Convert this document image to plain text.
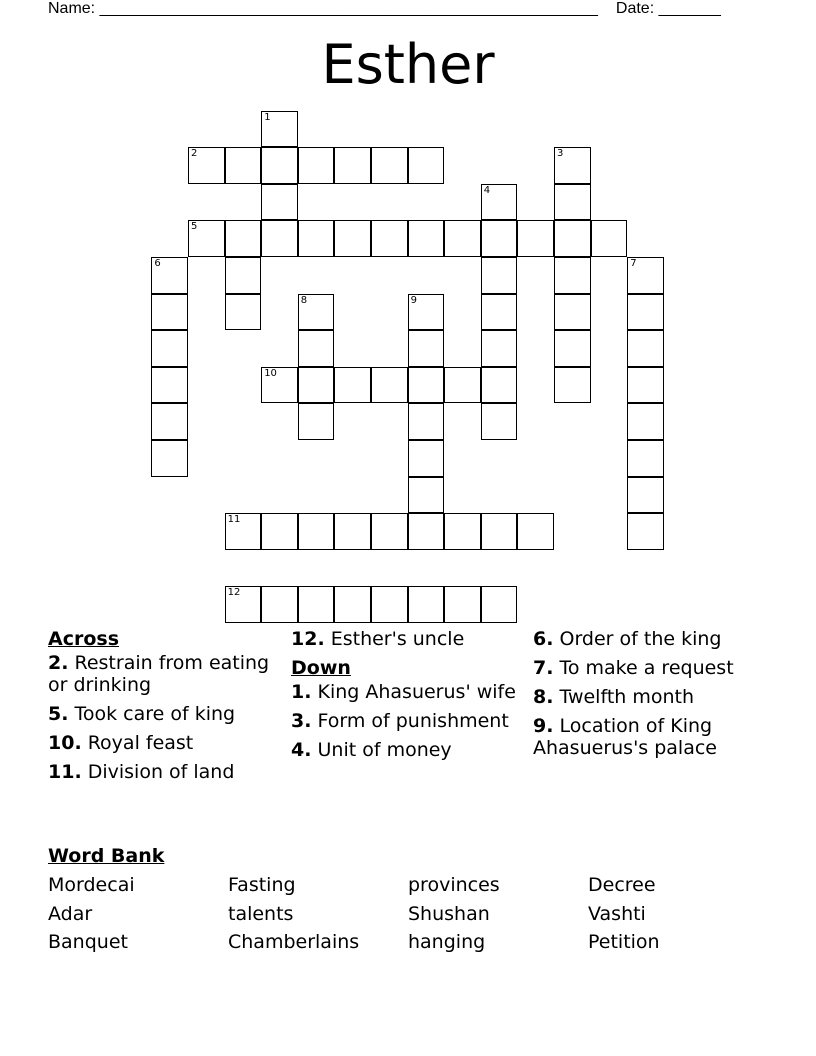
Name: ________________________________________________________ Date: _______
Esther
1
2	3
4
5
6	7
8	9
10
11
12
Across
2. Restrain from eating or drinking
5. Took care of king
10. Royal feast
11. Division of land
12. Esther's uncle
Down
1. King Ahasuerus' wife
3. Form of punishment
4. Unit of money
6. Order of the king
7. To make a request
8. Twelfth month
9. Location of King Ahasuerus's palace
Word Bank
Mordecai	Fasting	provinces	Decree
Adar	talents	Shushan	Vashti
Banquet	Chamberlains	hanging	Petition
